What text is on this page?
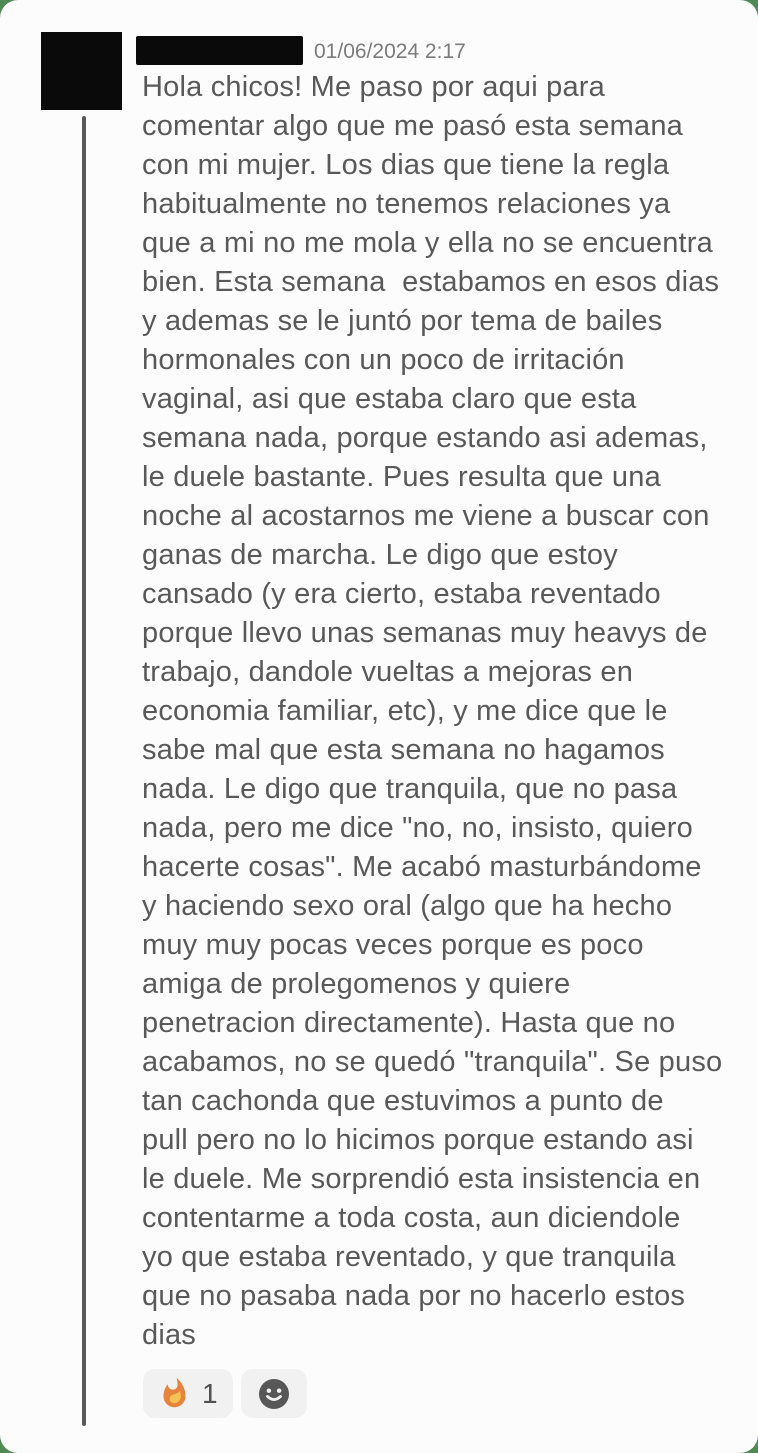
01/06/2024 2:17
Hola chicos! Me paso por aqui para
comentar algo que me pasó esta semana
con mi mujer. Los dias que tiene la regla
habitualmente no tenemos relaciones ya
que a mi no me mola y ella no se encuentra
bien. Esta semana  estabamos en esos dias
y ademas se le juntó por tema de bailes
hormonales con un poco de irritación
vaginal, asi que estaba claro que esta
semana nada, porque estando asi ademas,
le duele bastante. Pues resulta que una
noche al acostarnos me viene a buscar con
ganas de marcha. Le digo que estoy
cansado (y era cierto, estaba reventado
porque llevo unas semanas muy heavys de
trabajo, dandole vueltas a mejoras en
economia familiar, etc), y me dice que le
sabe mal que esta semana no hagamos
nada. Le digo que tranquila, que no pasa
nada, pero me dice "no, no, insisto, quiero
hacerte cosas". Me acabó masturbándome
y haciendo sexo oral (algo que ha hecho
muy muy pocas veces porque es poco
amiga de prolegomenos y quiere
penetracion directamente). Hasta que no
acabamos, no se quedó "tranquila". Se puso
tan cachonda que estuvimos a punto de
pull pero no lo hicimos porque estando asi
le duele. Me sorprendió esta insistencia en
contentarme a toda costa, aun diciendole
yo que estaba reventado, y que tranquila
que no pasaba nada por no hacerlo estos
dias
1
